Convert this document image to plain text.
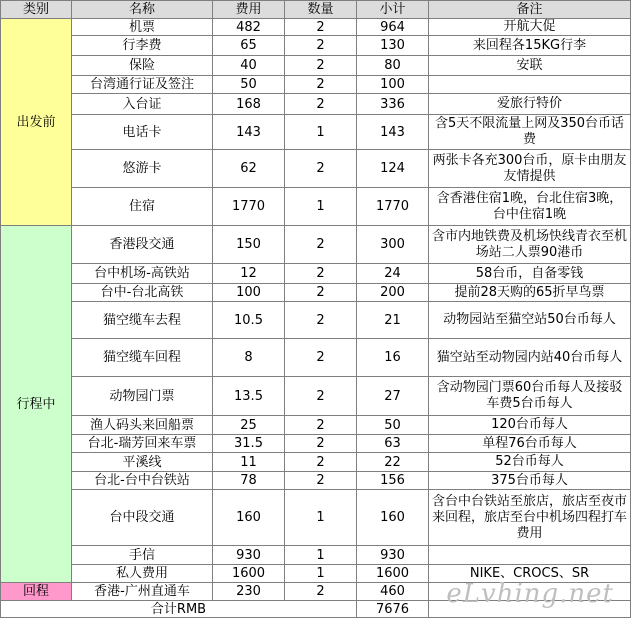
类别	名称	费用	数量	小计	备注
出发前	机票	482	2	964	开航大促
	行李费	65	2	130	来回程各15KG行李
	保险	40	2	80	安联
	台湾通行证及签注	50	2	100	
	入台证	168	2	336	爱旅行特价
	电话卡	143	1	143	含5天不限流量上网及350台币话费
	悠游卡	62	2	124	两张卡各充300台币，原卡由朋友友情提供
	住宿	1770	1	1770	含香港住宿1晚，台北住宿3晚，台中住宿1晚
行程中	香港段交通	150	2	300	含市内地铁费及机场快线青衣至机场站二人票90港币
	台中机场-高铁站	12	2	24	58台币，自备零钱
	台中-台北高铁	100	2	200	提前28天购的65折早鸟票
	猫空缆车去程	10.5	2	21	动物园站至猫空站50台币每人
	猫空缆车回程	8	2	16	猫空站至动物园内站40台币每人
	动物园门票	13.5	2	27	含动物园门票60台币每人及接驳车费5台币每人
	渔人码头来回船票	25	2	50	120台币每人
	台北-瑞芳回来车票	31.5	2	63	单程76台币每人
	平溪线	11	2	22	52台币每人
	台北-台中台铁站	78	2	156	375台币每人
	台中段交通	160	1	160	含台中台铁站至旅店，旅店至夜市来回程，旅店至台中机场四程打车费用
	手信	930	1	930	
	私人费用	1600	1	1600	NIKE、CROCS、SR
回程	香港-广州直通车	230	2	460	
合计RMB				7676	eLvhing.net
